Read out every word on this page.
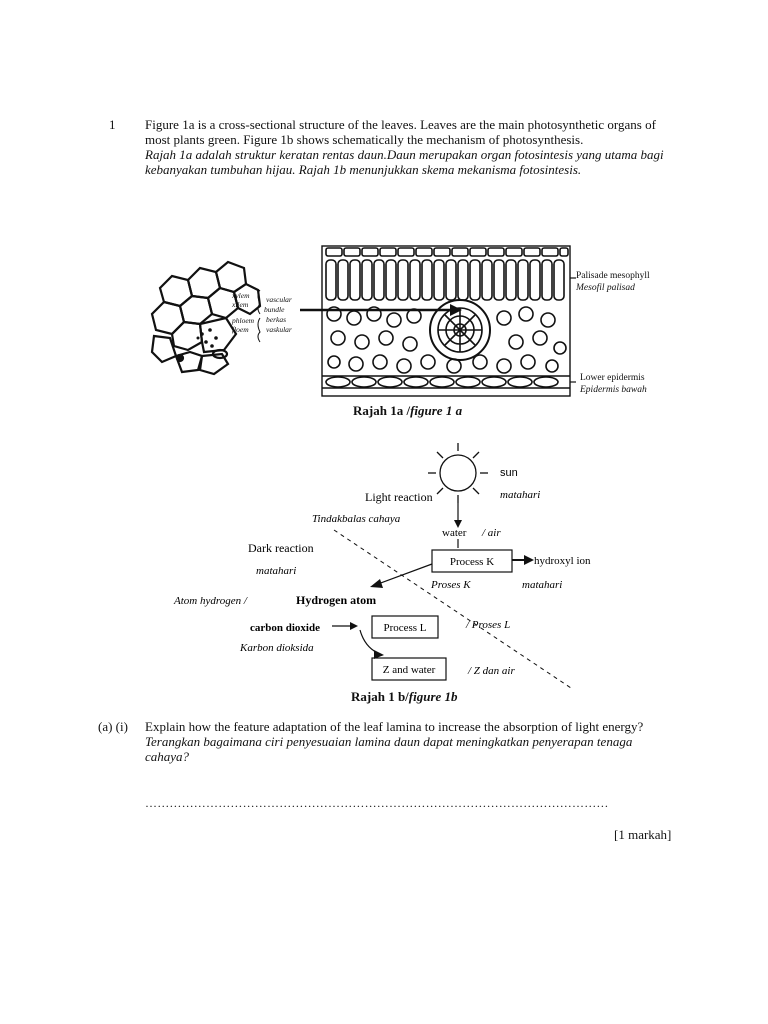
1 Figure 1a is a cross-sectional structure of the leaves. Leaves are the main photosynthetic organs of most plants green. Figure 1b shows schematically the mechanism of photosynthesis.
Rajah 1a adalah struktur keratan rentas daun.Daun merupakan organ fotosintesis yang utama bagi kebanyakan tumbuhan hijau. Rajah 1b menunjukkan skema mekanisma fotosintesis.
xylem
xilem
phloem
floem
vascular
bundle
berkas
vaskular
Palisade mesophyll
Mesofil palisad
Lower epidermis
Epidermis bawah
Rajah 1a /figure 1 a
sun
matahari
Light reaction
Tindakbalas cahaya
water / air
Dark reaction
matahari
Process K	hydroxyl ion
Proses K	matahari
Atom hydrogen /	Hydrogen atom
carbon dioxide
Karbon dioksida
Process L	/ Proses L
Z and water	/ Z dan air
Rajah 1 b/figure 1b
(a) (i) Explain how the feature adaptation of the leaf lamina to increase the absorption of light energy?
Terangkan bagaimana ciri penyesuaian lamina daun dapat meningkatkan penyerapan tenaga cahaya?
……………………………………………………………………………………………………
[1 markah]
